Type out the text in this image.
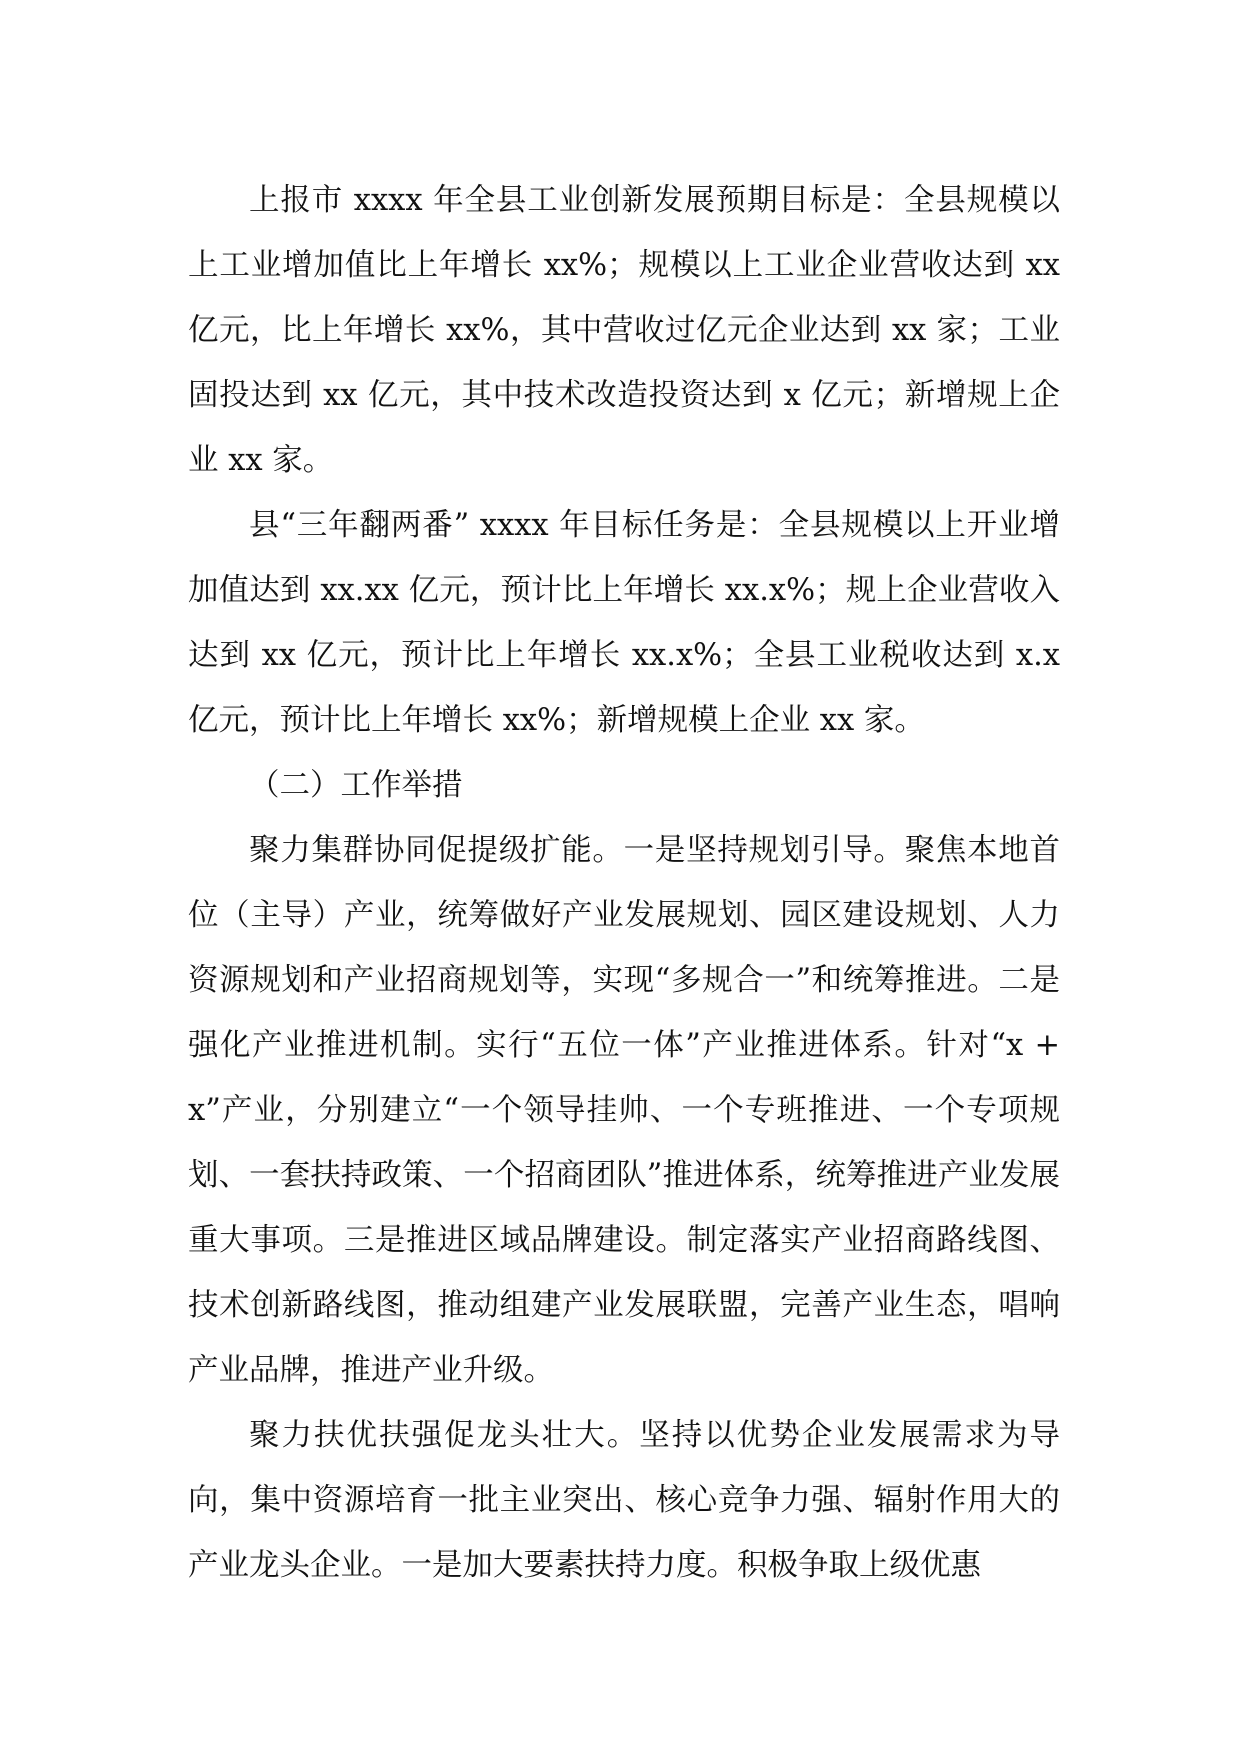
上报市 xxxx 年全县工业创新发展预期目标是：全县规模以上工业增加值比上年增长 xx%；规模以上工业企业营收达到 xx 亿元，比上年增长 xx%，其中营收过亿元企业达到 xx 家；工业固投达到 xx 亿元，其中技术改造投资达到 x 亿元；新增规上企业 xx 家。

县“三年翻两番” xxxx 年目标任务是：全县规模以上开业增加值达到 xx.xx 亿元，预计比上年增长 xx.x%；规上企业营收入达到 xx 亿元，预计比上年增长 xx.x%；全县工业税收达到 x.x 亿元，预计比上年增长 xx%；新增规模上企业 xx 家。

（二）工作举措

聚力集群协同促提级扩能。一是坚持规划引导。聚焦本地首位（主导）产业，统筹做好产业发展规划、园区建设规划、人力资源规划和产业招商规划等，实现“多规合一”和统筹推进。二是强化产业推进机制。实行“五位一体”产业推进体系。针对“x + x”产业，分别建立“一个领导挂帅、一个专班推进、一个专项规划、一套扶持政策、一个招商团队”推进体系，统筹推进产业发展重大事项。三是推进区域品牌建设。制定落实产业招商路线图、技术创新路线图，推动组建产业发展联盟，完善产业生态，唱响产业品牌，推进产业升级。

聚力扶优扶强促龙头壮大。坚持以优势企业发展需求为导向，集中资源培育一批主业突出、核心竞争力强、辐射作用大的产业龙头企业。一是加大要素扶持力度。积极争取上级优惠
